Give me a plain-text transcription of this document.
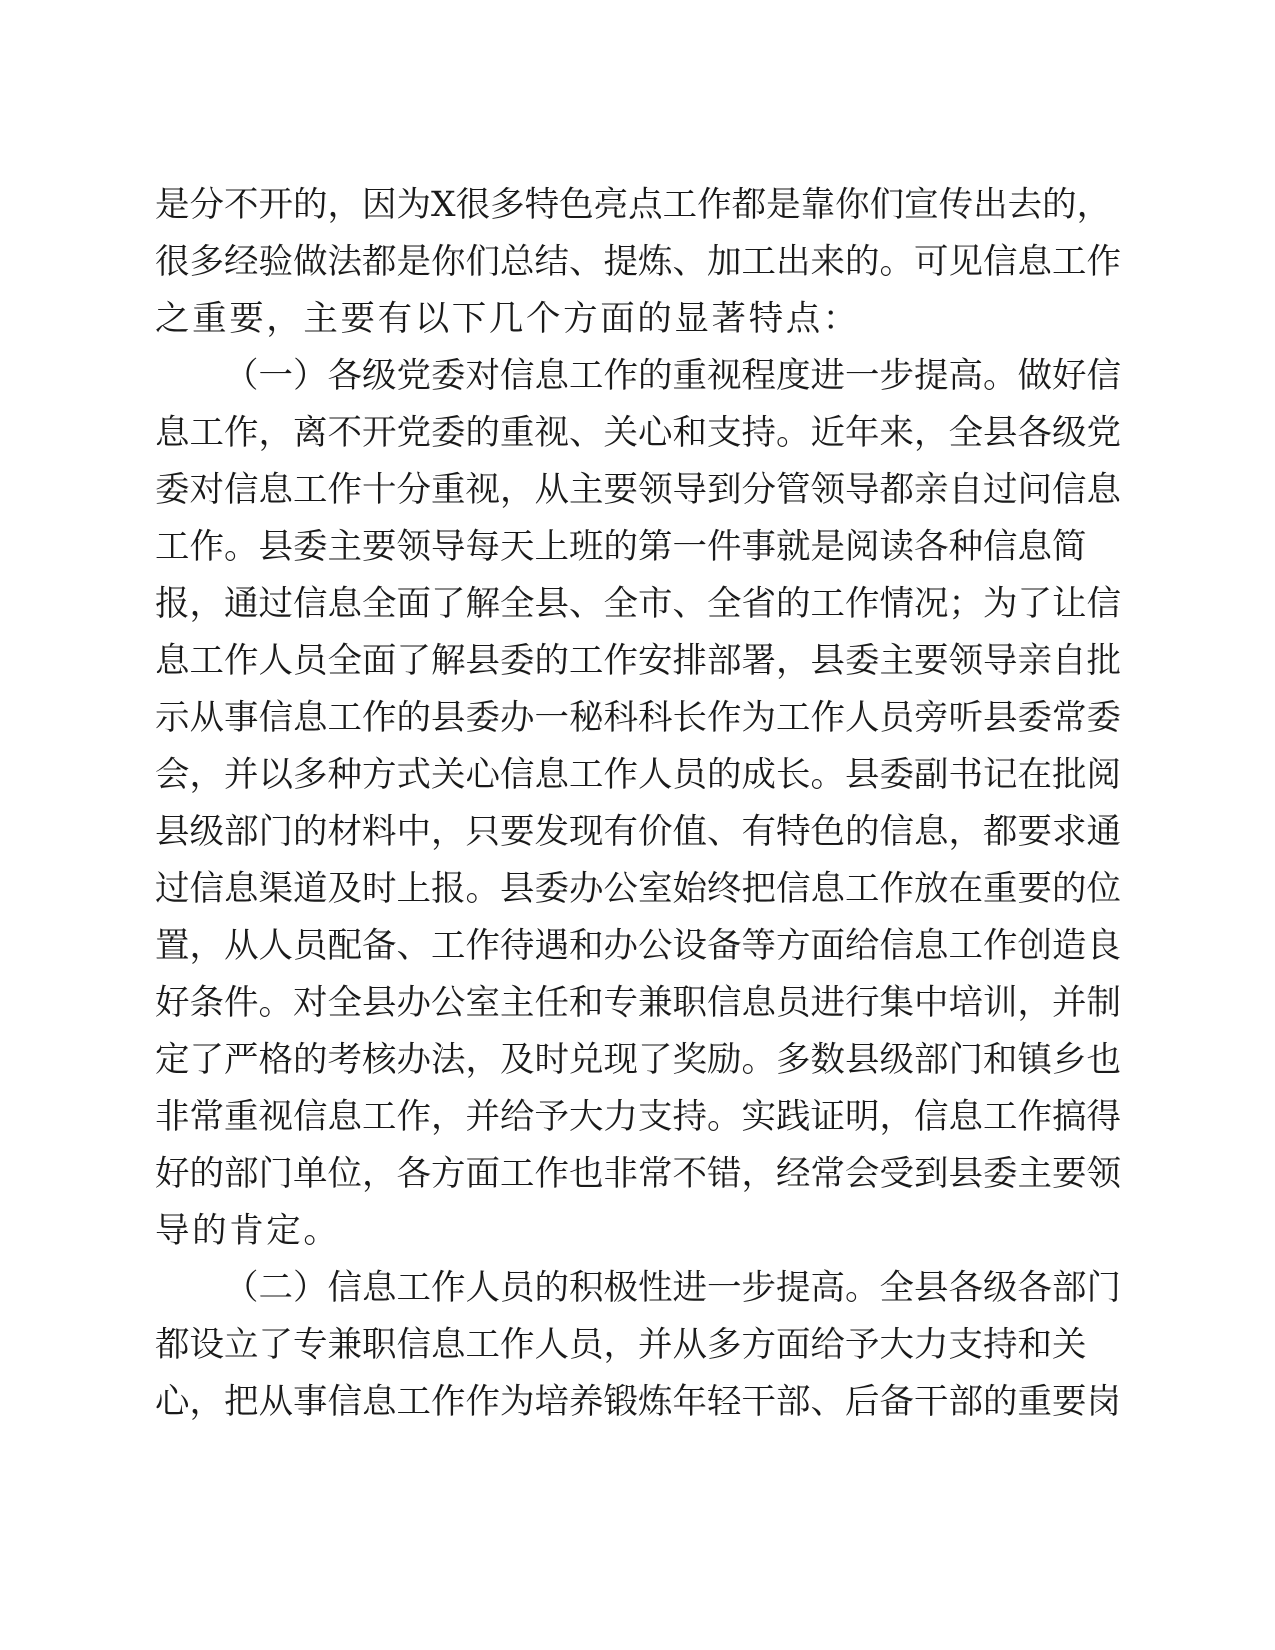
是 分 不 开 的 ， 因 为 X 很 多 特 色 亮 点 工 作 都 是 靠 你 们 宣 传 出 去 的 ，
很 多 经 验 做 法 都 是 你 们 总 结 、 提 炼 、 加 工 出 来 的 。 可 见 信 息 工 作
之重要，主要有以下几个方面的显著特点：
（ 一 ） 各 级 党 委 对 信 息 工 作 的 重 视 程 度 进 一 步 提 高 。 做 好 信
息 工 作 ， 离 不 开 党 委 的 重 视 、 关 心 和 支 持 。 近 年 来 ， 全 县 各 级 党
委 对 信 息 工 作 十 分 重 视 ， 从 主 要 领 导 到 分 管 领 导 都 亲 自 过 问 信 息
工 作 。 县 委 主 要 领 导 每 天 上 班 的 第 一 件 事 就 是 阅 读 各 种 信 息 简
报 ， 通 过 信 息 全 面 了 解 全 县 、 全 市 、 全 省 的 工 作 情 况 ； 为 了 让 信
息 工 作 人 员 全 面 了 解 县 委 的 工 作 安 排 部 署 ， 县 委 主 要 领 导 亲 自 批
示 从 事 信 息 工 作 的 县 委 办 一 秘 科 科 长 作 为 工 作 人 员 旁 听 县 委 常 委
会 ， 并 以 多 种 方 式 关 心 信 息 工 作 人 员 的 成 长 。 县 委 副 书 记 在 批 阅
县 级 部 门 的 材 料 中 ， 只 要 发 现 有 价 值 、 有 特 色 的 信 息 ， 都 要 求 通
过 信 息 渠 道 及 时 上 报 。 县 委 办 公 室 始 终 把 信 息 工 作 放 在 重 要 的 位
置 ， 从 人 员 配 备 、 工 作 待 遇 和 办 公 设 备 等 方 面 给 信 息 工 作 创 造 良
好 条 件 。 对 全 县 办 公 室 主 任 和 专 兼 职 信 息 员 进 行 集 中 培 训 ， 并 制
定 了 严 格 的 考 核 办 法 ， 及 时 兑 现 了 奖 励 。 多 数 县 级 部 门 和 镇 乡 也
非 常 重 视 信 息 工 作 ， 并 给 予 大 力 支 持 。 实 践 证 明 ， 信 息 工 作 搞 得
好 的 部 门 单 位 ， 各 方 面 工 作 也 非 常 不 错 ， 经 常 会 受 到 县 委 主 要 领
导的肯定。
（ 二 ） 信 息 工 作 人 员 的 积 极 性 进 一 步 提 高 。 全 县 各 级 各 部 门
都 设 立 了 专 兼 职 信 息 工 作 人 员 ， 并 从 多 方 面 给 予 大 力 支 持 和 关
心 ， 把 从 事 信 息 工 作 作 为 培 养 锻 炼 年 轻 干 部 、 后 备 干 部 的 重 要 岗
